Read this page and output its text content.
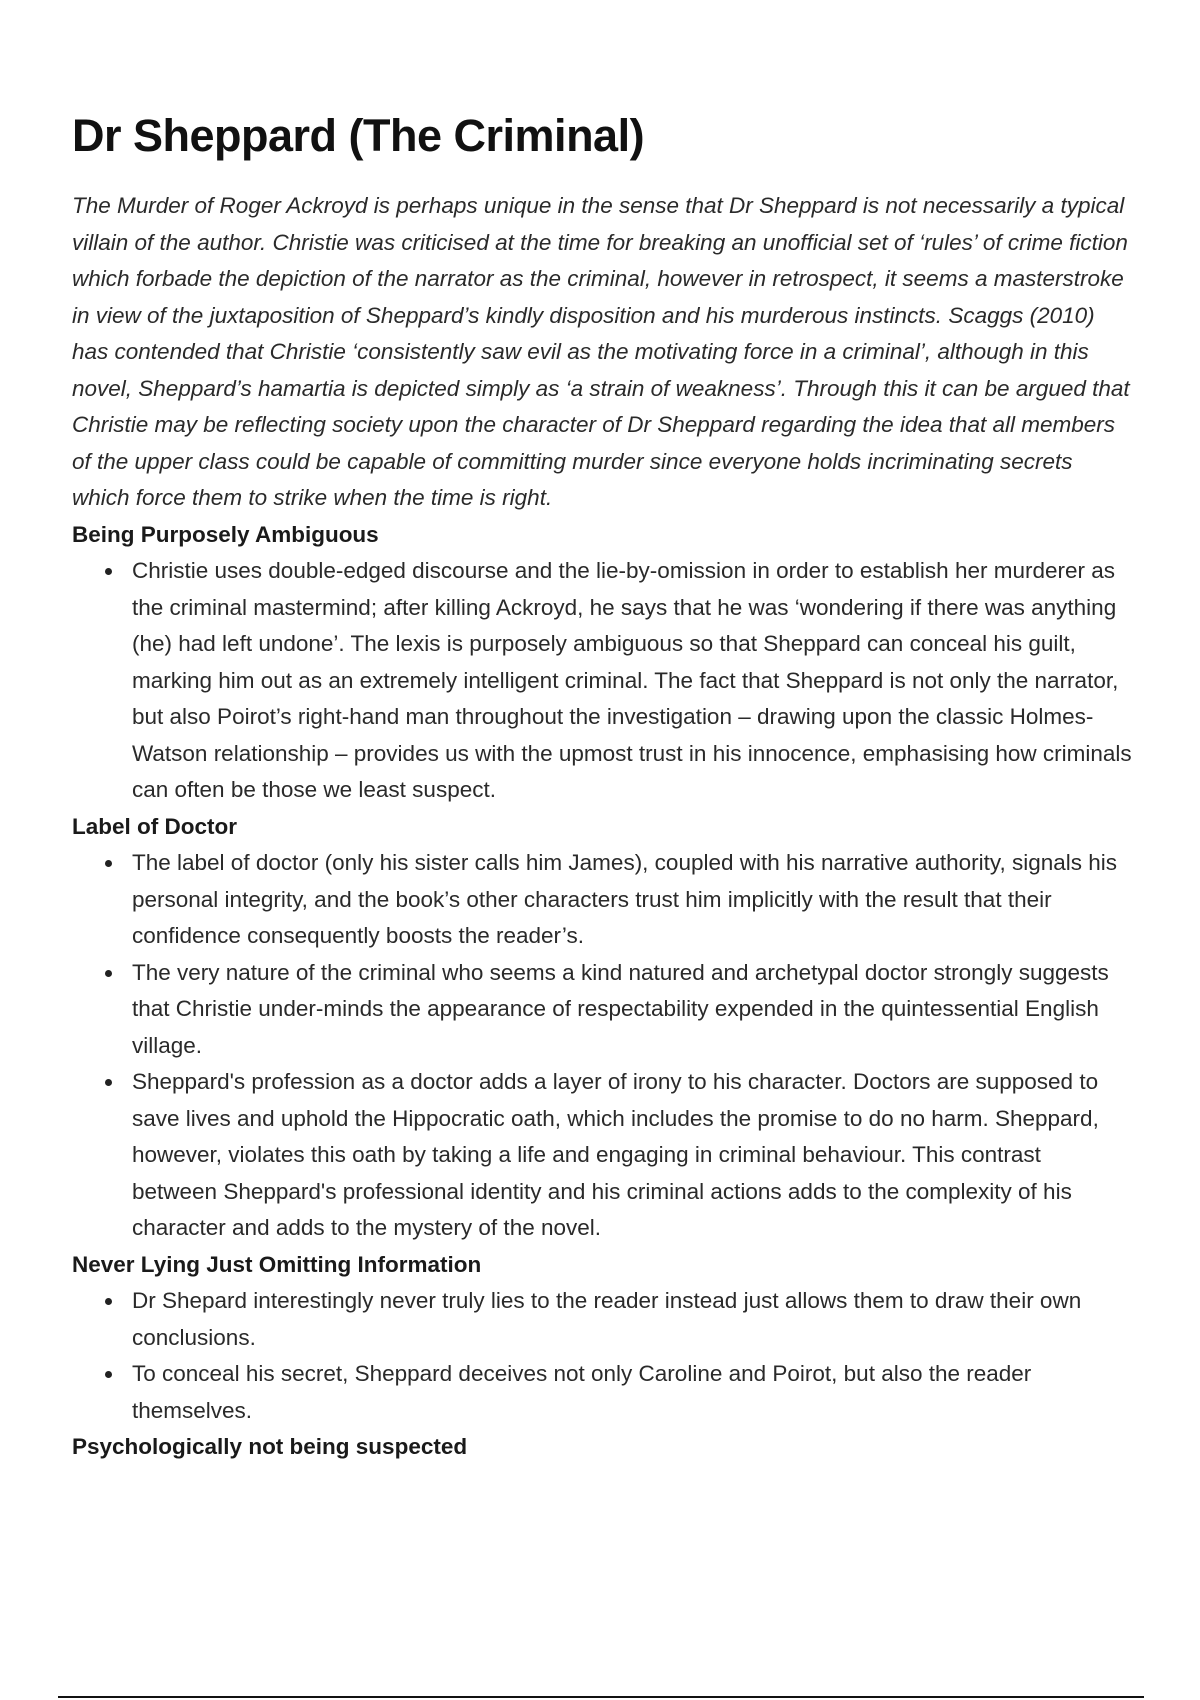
Dr Sheppard (The Criminal)

The Murder of Roger Ackroyd is perhaps unique in the sense that Dr Sheppard is not necessarily a typical villain of the author. Christie was criticised at the time for breaking an unofficial set of ‘rules’ of crime fiction which forbade the depiction of the narrator as the criminal, however in retrospect, it seems a masterstroke in view of the juxtaposition of Sheppard’s kindly disposition and his murderous instincts. Scaggs (2010) has contended that Christie ‘consistently saw evil as the motivating force in a criminal’, although in this novel, Sheppard’s hamartia is depicted simply as ‘a strain of weakness’. Through this it can be argued that Christie may be reflecting society upon the character of Dr Sheppard regarding the idea that all members of the upper class could be capable of committing murder since everyone holds incriminating secrets which force them to strike when the time is right.

Being Purposely Ambiguous

Christie uses double-edged discourse and the lie-by-omission in order to establish her murderer as the criminal mastermind; after killing Ackroyd, he says that he was ‘wondering if there was anything (he) had left undone’. The lexis is purposely ambiguous so that Sheppard can conceal his guilt, marking him out as an extremely intelligent criminal. The fact that Sheppard is not only the narrator, but also Poirot’s right-hand man throughout the investigation – drawing upon the classic Holmes-Watson relationship – provides us with the upmost trust in his innocence, emphasising how criminals can often be those we least suspect.

Label of Doctor

The label of doctor (only his sister calls him James), coupled with his narrative authority, signals his personal integrity, and the book’s other characters trust him implicitly with the result that their confidence consequently boosts the reader’s.
The very nature of the criminal who seems a kind natured and archetypal doctor strongly suggests that Christie under-minds the appearance of respectability expended in the quintessential English village.
Sheppard's profession as a doctor adds a layer of irony to his character. Doctors are supposed to save lives and uphold the Hippocratic oath, which includes the promise to do no harm. Sheppard, however, violates this oath by taking a life and engaging in criminal behaviour. This contrast between Sheppard's professional identity and his criminal actions adds to the complexity of his character and adds to the mystery of the novel.

Never Lying Just Omitting Information

Dr Shepard interestingly never truly lies to the reader instead just allows them to draw their own conclusions.
To conceal his secret, Sheppard deceives not only Caroline and Poirot, but also the reader themselves.

Psychologically not being suspected
